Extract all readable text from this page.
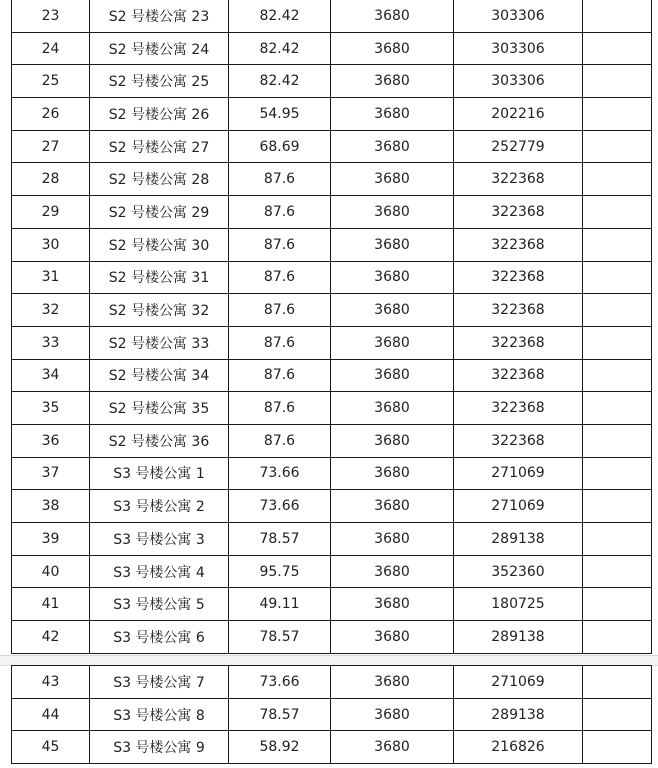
23	S2 号楼公寓 23	82.42	3680	303306	
24	S2 号楼公寓 24	82.42	3680	303306	
25	S2 号楼公寓 25	82.42	3680	303306	
26	S2 号楼公寓 26	54.95	3680	202216	
27	S2 号楼公寓 27	68.69	3680	252779	
28	S2 号楼公寓 28	87.6	3680	322368	
29	S2 号楼公寓 29	87.6	3680	322368	
30	S2 号楼公寓 30	87.6	3680	322368	
31	S2 号楼公寓 31	87.6	3680	322368	
32	S2 号楼公寓 32	87.6	3680	322368	
33	S2 号楼公寓 33	87.6	3680	322368	
34	S2 号楼公寓 34	87.6	3680	322368	
35	S2 号楼公寓 35	87.6	3680	322368	
36	S2 号楼公寓 36	87.6	3680	322368	
37	S3 号楼公寓 1	73.66	3680	271069	
38	S3 号楼公寓 2	73.66	3680	271069	
39	S3 号楼公寓 3	78.57	3680	289138	
40	S3 号楼公寓 4	95.75	3680	352360	
41	S3 号楼公寓 5	49.11	3680	180725	
42	S3 号楼公寓 6	78.57	3680	289138	
43	S3 号楼公寓 7	73.66	3680	271069	
44	S3 号楼公寓 8	78.57	3680	289138	
45	S3 号楼公寓 9	58.92	3680	216826	
